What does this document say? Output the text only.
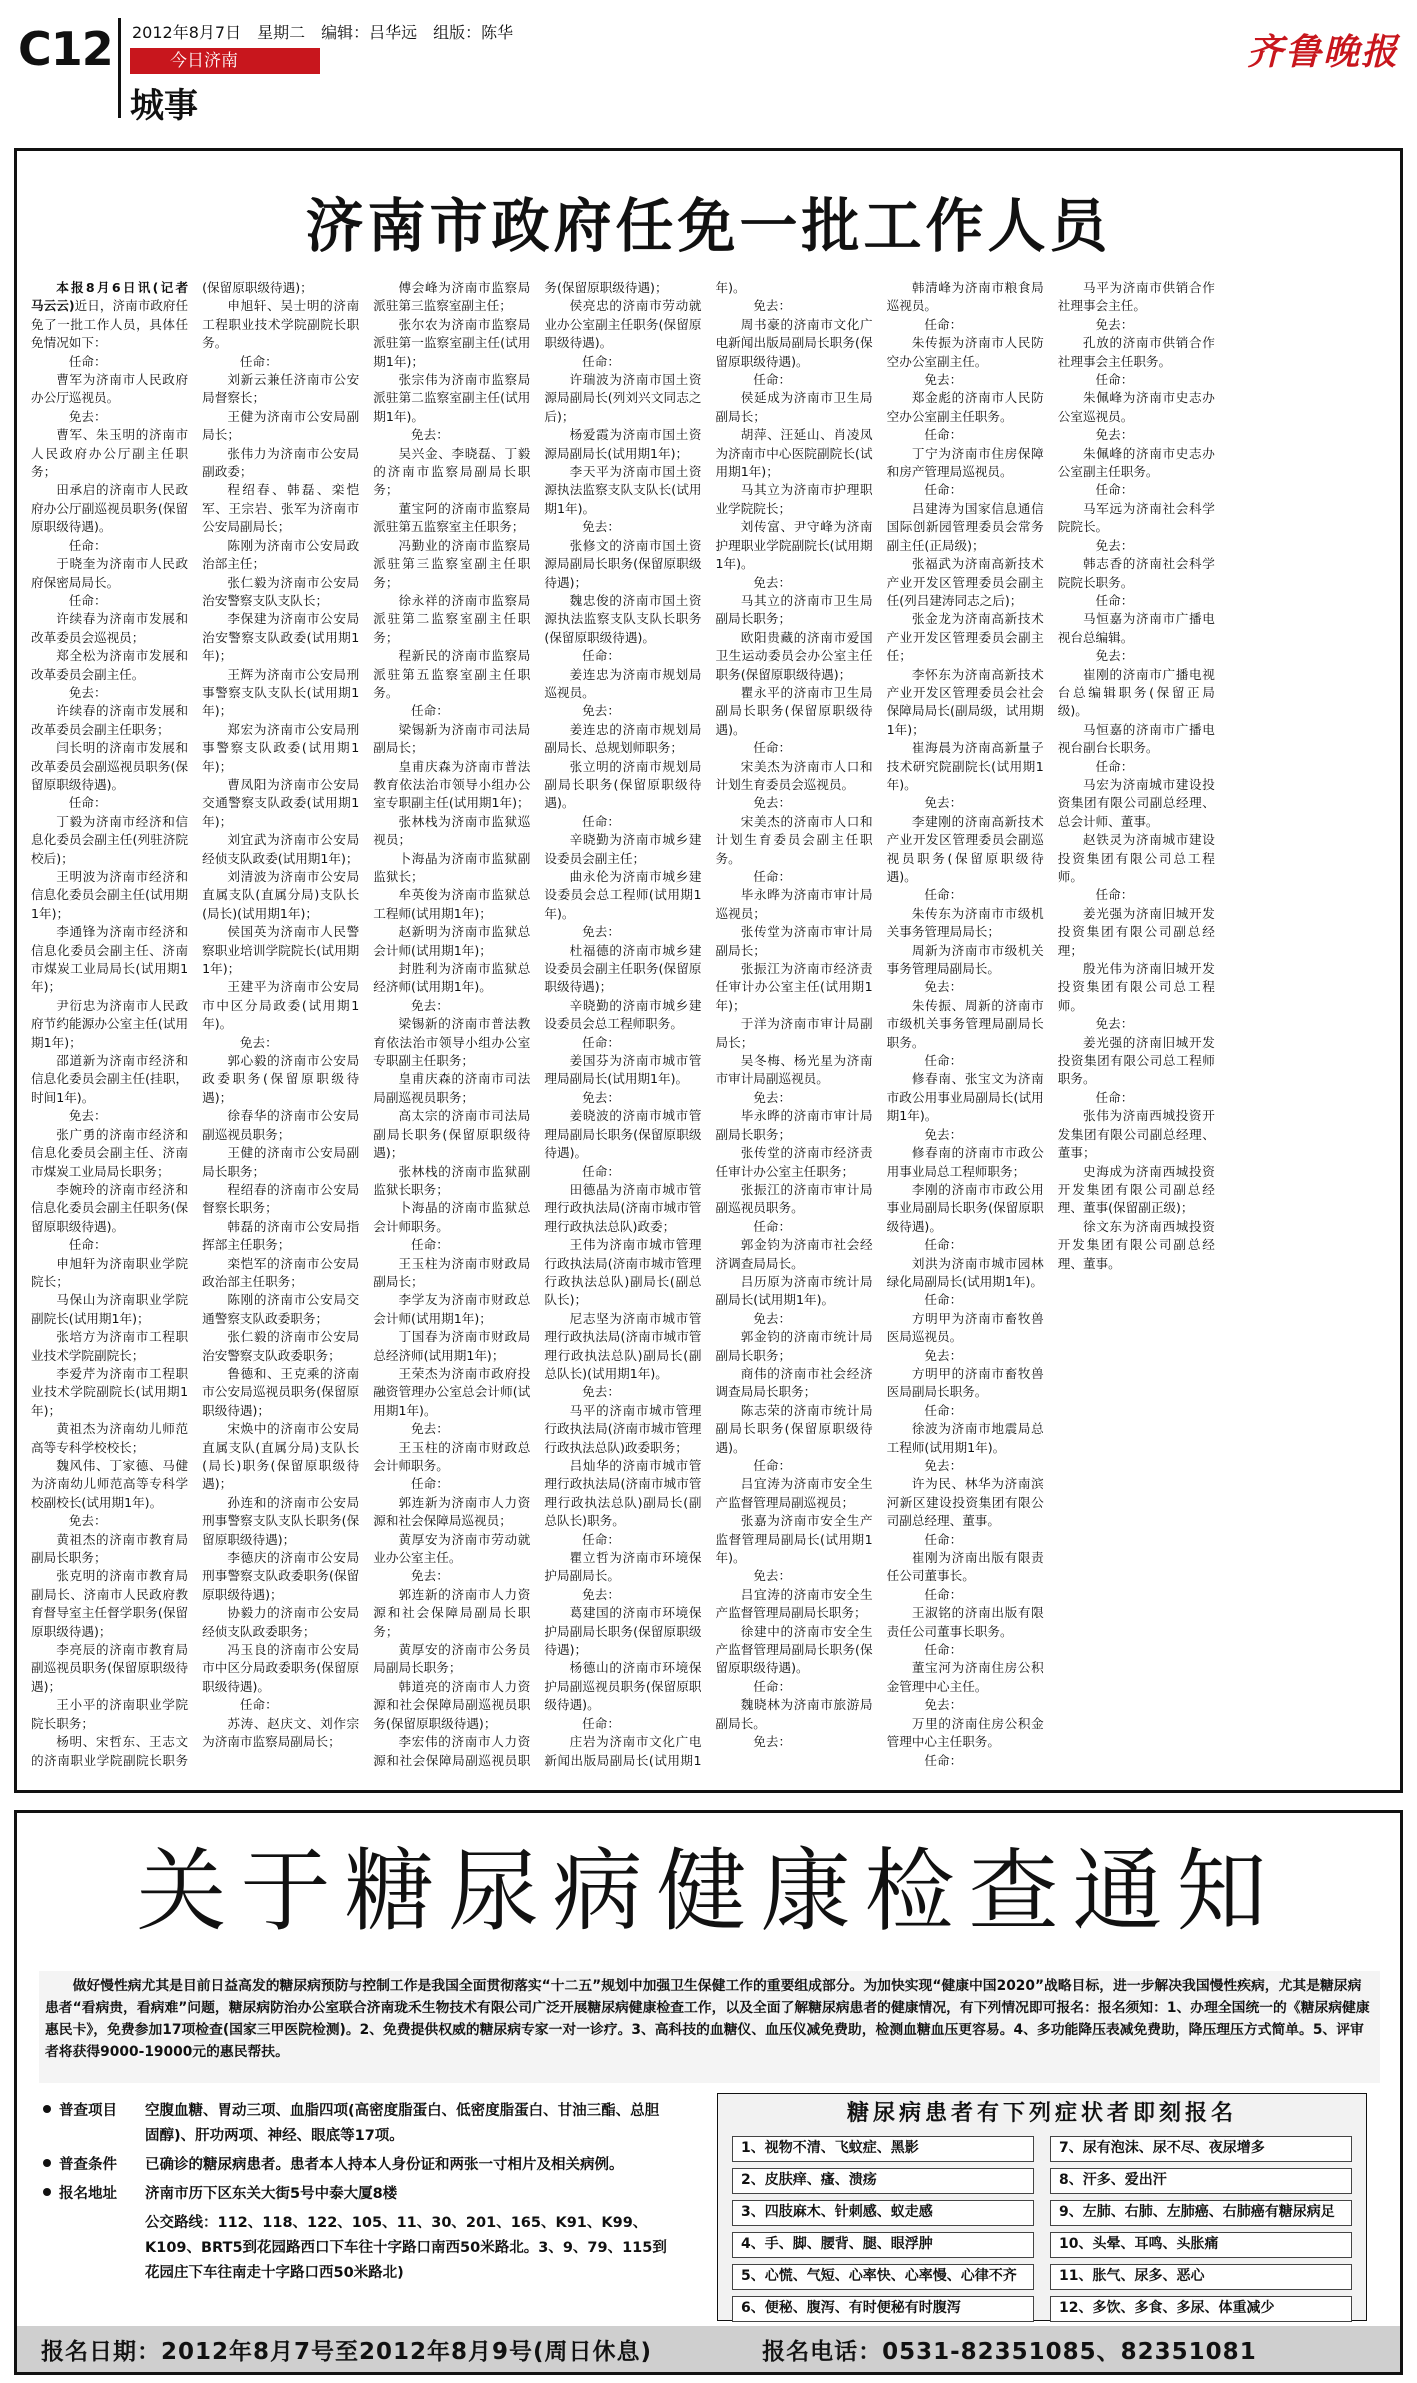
C12 2012年8月7日　星期二　编辑：吕华远　组版：陈华
今日济南
城事
齐鲁晚报
济南市政府任免一批工作人员

本报8月6日讯(记者　马云云)近日，济南市政府任免了一批工作人员，具体任免情况如下：

任命：

曹军为济南市人民政府办公厅巡视员。

免去：

曹军、朱玉明的济南市人民政府办公厅副主任职务；

田承启的济南市人民政府办公厅副巡视员职务(保留原职级待遇)。

任命：

于晓奎为济南市人民政府保密局局长。

任命：

许续春为济南市发展和改革委员会巡视员；

郑全松为济南市发展和改革委员会副主任。

免去：

许续春的济南市发展和改革委员会副主任职务；

闫长明的济南市发展和改革委员会副巡视员职务(保留原职级待遇)。

任命：

丁毅为济南市经济和信息化委员会副主任(列驻济院校后)；

王明波为济南市经济和信息化委员会副主任(试用期1年)；

李通锋为济南市经济和信息化委员会副主任、济南市煤炭工业局局长(试用期1年)；

尹衍忠为济南市人民政府节约能源办公室主任(试用期1年)；

邵道新为济南市经济和信息化委员会副主任(挂职，时间1年)。

免去：

张广勇的济南市经济和信息化委员会副主任、济南市煤炭工业局局长职务；

李婉玲的济南市经济和信息化委员会副主任职务(保留原职级待遇)。

任命：

申旭轩为济南职业学院院长；

马保山为济南职业学院副院长(试用期1年)；

张培方为济南市工程职业技术学院副院长；

李爱芹为济南市工程职业技术学院副院长(试用期1年)；

黄祖杰为济南幼儿师范高等专科学校校长；

魏风伟、丁家德、马健为济南幼儿师范高等专科学校副校长(试用期1年)。

免去：

黄祖杰的济南市教育局副局长职务；

张克明的济南市教育局副局长、济南市人民政府教育督导室主任督学职务(保留原职级待遇)；

李亮辰的济南市教育局副巡视员职务(保留原职级待遇)；

王小平的济南职业学院院长职务；

杨明、宋哲东、王志文的济南职业学院副院长职务(保留原职级待遇)；

申旭轩、吴士明的济南工程职业技术学院副院长职务。

任命：

刘新云兼任济南市公安局督察长；

王健为济南市公安局副局长；

张伟力为济南市公安局副政委；

程绍春、韩磊、栾恺军、王宗岩、张军为济南市公安局副局长；

陈刚为济南市公安局政治部主任；

张仁毅为济南市公安局治安警察支队支队长；

李保建为济南市公安局治安警察支队政委(试用期1年)；

王辉为济南市公安局刑事警察支队支队长(试用期1年)；

郑宏为济南市公安局刑事警察支队政委(试用期1年)；

曹凤阳为济南市公安局交通警察支队政委(试用期1年)；

刘宜武为济南市公安局经侦支队政委(试用期1年)；

刘清波为济南市公安局直属支队(直属分局)支队长(局长)(试用期1年)；

侯国英为济南市人民警察职业培训学院院长(试用期1年)；

王建平为济南市公安局市中区分局政委(试用期1年)。

免去：

郭心毅的济南市公安局政委职务(保留原职级待遇)；

徐春华的济南市公安局副巡视员职务；

王健的济南市公安局副局长职务；

程绍春的济南市公安局督察长职务；

韩磊的济南市公安局指挥部主任职务；

栾恺军的济南市公安局政治部主任职务；

陈刚的济南市公安局交通警察支队政委职务；

张仁毅的济南市公安局治安警察支队政委职务；

鲁德和、王克乘的济南市公安局巡视员职务(保留原职级待遇)；

宋焕中的济南市公安局直属支队(直属分局)支队长(局长)职务(保留原职级待遇)；

孙连和的济南市公安局刑事警察支队支队长职务(保留原职级待遇)；

李德庆的济南市公安局刑事警察支队政委职务(保留原职级待遇)；

协毅力的济南市公安局经侦支队政委职务；

冯玉良的济南市公安局市中区分局政委职务(保留原职级待遇)。

任命：

苏涛、赵庆文、刘作宗为济南市监察局副局长；

傅会峰为济南市监察局派驻第三监察室副主任；

张尔农为济南市监察局派驻第一监察室副主任(试用期1年)；

张宗伟为济南市监察局派驻第二监察室副主任(试用期1年)。

免去：

吴兴金、李晓磊、丁毅的济南市监察局副局长职务；

董宝阿的济南市监察局派驻第五监察室主任职务；

冯勤业的济南市监察局派驻第三监察室副主任职务；

徐永祥的济南市监察局派驻第二监察室副主任职务；

程新民的济南市监察局派驻第五监察室副主任职务。

任命：

梁锡新为济南市司法局副局长；

皇甫庆森为济南市普法教育依法治市领导小组办公室专职副主任(试用期1年)；

张林栈为济南市监狱巡视员；

卜海晶为济南市监狱副监狱长；

牟英俊为济南市监狱总工程师(试用期1年)；

赵新明为济南市监狱总会计师(试用期1年)；

封胜利为济南市监狱总经济师(试用期1年)。

免去：

梁锡新的济南市普法教育依法治市领导小组办公室专职副主任职务；

皇甫庆森的济南市司法局副巡视员职务；

高太宗的济南市司法局副局长职务(保留原职级待遇)；

张林栈的济南市监狱副监狱长职务；

卜海晶的济南市监狱总会计师职务。

任命：

王玉柱为济南市财政局副局长；

李学友为济南市财政总会计师(试用期1年)；

丁国春为济南市财政局总经济师(试用期1年)；

王荣杰为济南市政府投融资管理办公室总会计师(试用期1年)。

免去：

王玉柱的济南市财政总会计师职务。

任命：

郭连新为济南市人力资源和社会保障局巡视员；

黄厚安为济南市劳动就业办公室主任。

免去：

郭连新的济南市人力资源和社会保障局副局长职务；

黄厚安的济南市公务员局副局长职务；

韩道亮的济南市人力资源和社会保障局副巡视员职务(保留原职级待遇)；

李宏伟的济南市人力资源和社会保障局副巡视员职务(保留原职级待遇)；

侯亮忠的济南市劳动就业办公室副主任职务(保留原职级待遇)。

任命：

许瑞波为济南市国土资源局副局长(列刘兴文同志之后)；

杨爱霞为济南市国土资源局副局长(试用期1年)；

李天平为济南市国土资源执法监察支队支队长(试用期1年)。

免去：

张修文的济南市国土资源局副局长职务(保留原职级待遇)；

魏忠俊的济南市国土资源执法监察支队支队长职务(保留原职级待遇)。

任命：

姜连忠为济南市规划局巡视员。

免去：

姜连忠的济南市规划局副局长、总规划师职务；

张立明的济南市规划局副局长职务(保留原职级待遇)。

任命：

辛晓勤为济南市城乡建设委员会副主任；

曲永伦为济南市城乡建设委员会总工程师(试用期1年)。

免去：

杜福德的济南市城乡建设委员会副主任职务(保留原职级待遇)；

辛晓勤的济南市城乡建设委员会总工程师职务。

任命：

姜国芬为济南市城市管理局副局长(试用期1年)。

免去：

姜晓波的济南市城市管理局副局长职务(保留原职级待遇)。

任命：

田德晶为济南市城市管理行政执法局(济南市城市管理行政执法总队)政委；

王伟为济南市城市管理行政执法局(济南市城市管理行政执法总队)副局长(副总队长)；

尼志坚为济南市城市管理行政执法局(济南市城市管理行政执法总队)副局长(副总队长)(试用期1年)。

免去：

马平的济南市城市管理行政执法局(济南市城市管理行政执法总队)政委职务；

吕灿华的济南市城市管理行政执法局(济南市城市管理行政执法总队)副局长(副总队长)职务。

任命：

瞿立哲为济南市环境保护局副局长。

免去：

葛建国的济南市环境保护局副局长职务(保留原职级待遇)；

杨德山的济南市环境保护局副巡视员职务(保留原职级待遇)。

任命：

庄岩为济南市文化广电新闻出版局副局长(试用期1年)。

免去：

周书豪的济南市文化广电新闻出版局副局长职务(保留原职级待遇)。

任命：

侯延成为济南市卫生局副局长；

胡萍、汪延山、肖凌凤为济南市中心医院副院长(试用期1年)；

马其立为济南市护理职业学院院长；

刘传富、尹守峰为济南护理职业学院副院长(试用期1年)。

免去：

马其立的济南市卫生局副局长职务；

欧阳贵藏的济南市爱国卫生运动委员会办公室主任职务(保留原职级待遇)；

瞿永平的济南市卫生局副局长职务(保留原职级待遇)。

任命：

宋美杰为济南市人口和计划生育委员会巡视员。

免去：

宋美杰的济南市人口和计划生育委员会副主任职务。

任命：

毕永晔为济南市审计局巡视员；

张传堂为济南市审计局副局长；

张振江为济南市经济责任审计办公室主任(试用期1年)；

于洋为济南市审计局副局长；

吴冬梅、杨光星为济南市审计局副巡视员。

免去：

毕永晔的济南市审计局副局长职务；

张传堂的济南市经济责任审计办公室主任职务；

张振江的济南市审计局副巡视员职务。

任命：

郭金钧为济南市社会经济调查局局长。

吕历原为济南市统计局副局长(试用期1年)。

免去：

郭金钧的济南市统计局副局长职务；

商伟的济南市社会经济调查局局长职务；

陈志荣的济南市统计局副局长职务(保留原职级待遇)。

任命：

吕宜涛为济南市安全生产监督管理局副巡视员；

张嘉为济南市安全生产监督管理局副局长(试用期1年)。

免去：

吕宜涛的济南市安全生产监督管理局副局长职务；

徐建中的济南市安全生产监督管理局副局长职务(保留原职级待遇)。

任命：

魏晓林为济南市旅游局副局长。

免去：

韩清峰为济南市粮食局巡视员。

任命：

朱传振为济南市人民防空办公室副主任。

免去：

郑金彪的济南市人民防空办公室副主任职务。

任命：

丁宁为济南市住房保障和房产管理局巡视员。

任命：

吕建涛为国家信息通信国际创新园管理委员会常务副主任(正局级)；

张福武为济南高新技术产业开发区管理委员会副主任(列吕建涛同志之后)；

张金龙为济南高新技术产业开发区管理委员会副主任；

李怀东为济南高新技术产业开发区管理委员会社会保障局局长(副局级，试用期1年)；

崔海晨为济南高新量子技术研究院副院长(试用期1年)。

免去：

李建刚的济南高新技术产业开发区管理委员会副巡视员职务(保留原职级待遇)。

任命：

朱传东为济南市市级机关事务管理局局长；

周新为济南市市级机关事务管理局副局长。

免去：

朱传振、周新的济南市市级机关事务管理局副局长职务。

任命：

修春南、张宝文为济南市政公用事业局副局长(试用期1年)。

免去：

修春南的济南市市政公用事业局总工程师职务；

李刚的济南市市政公用事业局副局长职务(保留原职级待遇)。

任命：

刘洪为济南市城市园林绿化局副局长(试用期1年)。

任命：

方明甲为济南市畜牧兽医局巡视员。

免去：

方明甲的济南市畜牧兽医局副局长职务。

任命：

徐波为济南市地震局总工程师(试用期1年)。

免去：

许为民、林华为济南滨河新区建设投资集团有限公司副总经理、董事。

任命：

崔刚为济南出版有限责任公司董事长。

任命：

王淑铭的济南出版有限责任公司董事长职务。

任命：

董宝河为济南住房公积金管理中心主任。

免去：

万里的济南住房公积金管理中心主任职务。

任命：

马平为济南市供销合作社理事会主任。

免去：

孔放的济南市供销合作社理事会主任职务。

任命：

朱佩峰为济南市史志办公室巡视员。

免去：

朱佩峰的济南市史志办公室副主任职务。

任命：

马军远为济南社会科学院院长。

免去：

韩志香的济南社会科学院院长职务。

任命：

马恒嘉为济南市广播电视台总编辑。

免去：

崔刚的济南市广播电视台总编辑职务(保留正局级)。

马恒嘉的济南市广播电视台副台长职务。

任命：

马宏为济南城市建设投资集团有限公司副总经理、总会计师、董事。

赵铁灵为济南城市建设投资集团有限公司总工程师。

任命：

姜光强为济南旧城开发投资集团有限公司副总经理；

殷光伟为济南旧城开发投资集团有限公司总工程师。

免去：

姜光强的济南旧城开发投资集团有限公司总工程师职务。

任命：

张伟为济南西城投资开发集团有限公司副总经理、董事；

史海成为济南西城投资开发集团有限公司副总经理、董事(保留副正级)；

徐文东为济南西城投资开发集团有限公司副总经理、董事。

关于糖尿病健康检查通知
做好慢性病尤其是目前日益高发的糖尿病预防与控制工作是我国全面贯彻落实“十二五”规划中加强卫生保健工作的重要组成部分。为加快实现“健康中国2020”战略目标，进一步解决我国慢性疾病，尤其是糖尿病患者“看病贵，看病难”问题，糖尿病防治办公室联合济南珑禾生物技术有限公司广泛开展糖尿病健康检查工作，以及全面了解糖尿病患者的健康情况，有下列情况即可报名：报名须知：1、办理全国统一的《糖尿病健康惠民卡》，免费参加17项检查(国家三甲医院检测)。2、免费提供权威的糖尿病专家一对一诊疗。3、高科技的血糖仪、血压仪减免费助，检测血糖血压更容易。4、多功能降压表减免费助，降压理压方式简单。5、评审者将获得9000-19000元的惠民帮扶。
普查项目	空腹血糖、胃动三项、血脂四项(高密度脂蛋白、低密度脂蛋白、甘油三酯、总胆固醇)、肝功两项、神经、眼底等17项。
普查条件	已确诊的糖尿病患者。患者本人持本人身份证和两张一寸相片及相关病例。
报名地址	济南市历下区东关大街5号中泰大厦8楼
公交路线：112、118、122、105、11、30、201、165、K91、K99、K109、BRT5到花园路西口下车往十字路口南西50米路北。3、9、79、115到花园庄下车往南走十字路口西50米路北)
糖尿病患者有下列症状者即刻报名
1、视物不清、飞蚊症、黑影	7、尿有泡沫、尿不尽、夜尿增多
2、皮肤痒、瘙、溃疡	8、汗多、爱出汗
3、四肢麻木、针刺感、蚁走感	9、左肺、右肺、左肺癌、右肺癌有糖尿病足
4、手、脚、腰背、腿、眼浮肿	10、头晕、耳鸣、头胀痛
5、心慌、气短、心率快、心率慢、心律不齐	11、胀气、尿多、恶心
6、便秘、腹泻、有时便秘有时腹泻	12、多饮、多食、多尿、体重减少
报名日期：2012年8月7号至2012年8月9号(周日休息)	报名电话：0531-82351085、82351081
